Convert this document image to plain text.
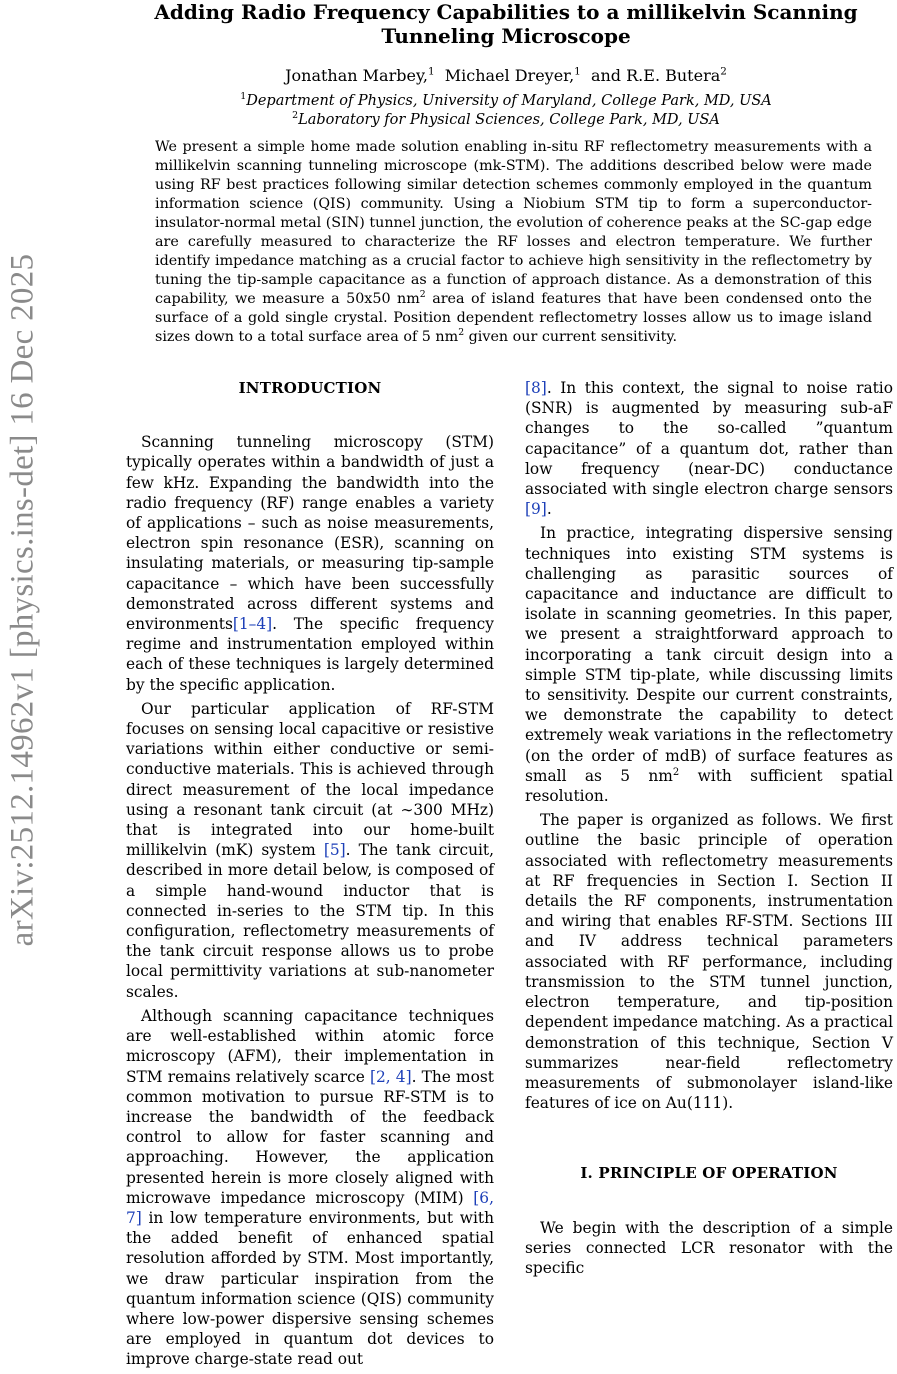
arXiv:2512.14962v1 [physics.ins-det] 16 Dec 2025
Adding Radio Frequency Capabilities to a millikelvin Scanning Tunneling Microscope
Jonathan Marbey,$^1$ Michael Dreyer,$^1$ and R.E. Butera$^2$
$^1$Department of Physics, University of Maryland, College Park, MD, USA
$^2$Laboratory for Physical Sciences, College Park, MD, USA

We present a simple home made solution enabling in-situ RF reflectometry measurements with a millikelvin scanning tunneling microscope (mk-STM). The additions described below were made using RF best practices following similar detection schemes commonly employed in the quantum information science (QIS) community. Using a Niobium STM tip to form a superconductor-insulator-normal metal (SIN) tunnel junction, the evolution of coherence peaks at the SC-gap edge are carefully measured to characterize the RF losses and electron temperature. We further identify impedance matching as a crucial factor to achieve high sensitivity in the reflectometry by tuning the tip-sample capacitance as a function of approach distance. As a demonstration of this capability, we measure a 50x50 $nm^2$ area of island features that have been condensed onto the surface of a gold single crystal. Position dependent reflectometry losses allow us to image island sizes down to a total surface area of 5 $nm^2$ given our current sensitivity.

INTRODUCTION

Scanning tunneling microscopy (STM) typically operates within a bandwidth of just a few kHz. Expanding the bandwidth into the radio frequency (RF) range enables a variety of applications – such as noise measurements, electron spin resonance (ESR), scanning on insulating materials, or measuring tip-sample capacitance – which have been successfully demonstrated across different systems and environments[1–4]. The specific frequency regime and instrumentation employed within each of these techniques is largely determined by the specific application.

Our particular application of RF-STM focuses on sensing local capacitive or resistive variations within either conductive or semi-conductive materials. This is achieved through direct measurement of the local impedance using a resonant tank circuit (at ∼300 MHz) that is integrated into our home-built millikelvin (mK) system [5]. The tank circuit, described in more detail below, is composed of a simple hand-wound inductor that is connected in-series to the STM tip. In this configuration, reflectometry measurements of the tank circuit response allows us to probe local permittivity variations at sub-nanometer scales.

Although scanning capacitance techniques are well-established within atomic force microscopy (AFM), their implementation in STM remains relatively scarce [2, 4]. The most common motivation to pursue RF-STM is to increase the bandwidth of the feedback control to allow for faster scanning and approaching. However, the application presented herein is more closely aligned with microwave impedance microscopy (MIM) [6, 7] in low temperature environments, but with the added benefit of enhanced spatial resolution afforded by STM. Most importantly, we draw particular inspiration from the quantum information science (QIS) community where low-power dispersive sensing schemes are employed in quantum dot devices to improve charge-state read out

[8]. In this context, the signal to noise ratio (SNR) is augmented by measuring sub-aF changes to the so-called ”quantum capacitance” of a quantum dot, rather than low frequency (near-DC) conductance associated with single electron charge sensors [9].

In practice, integrating dispersive sensing techniques into existing STM systems is challenging as parasitic sources of capacitance and inductance are difficult to isolate in scanning geometries. In this paper, we present a straightforward approach to incorporating a tank circuit design into a simple STM tip-plate, while discussing limits to sensitivity. Despite our current constraints, we demonstrate the capability to detect extremely weak variations in the reflectometry (on the order of mdB) of surface features as small as 5 $nm^2$ with sufficient spatial resolution.

The paper is organized as follows. We first outline the basic principle of operation associated with reflectometry measurements at RF frequencies in Section I. Section II details the RF components, instrumentation and wiring that enables RF-STM. Sections III and IV address technical parameters associated with RF performance, including transmission to the STM tunnel junction, electron temperature, and tip-position dependent impedance matching. As a practical demonstration of this technique, Section V summarizes near-field reflectometry measurements of submonolayer island-like features of ice on Au(111).

I. PRINCIPLE OF OPERATION

We begin with the description of a simple series connected LCR resonator with the specific
